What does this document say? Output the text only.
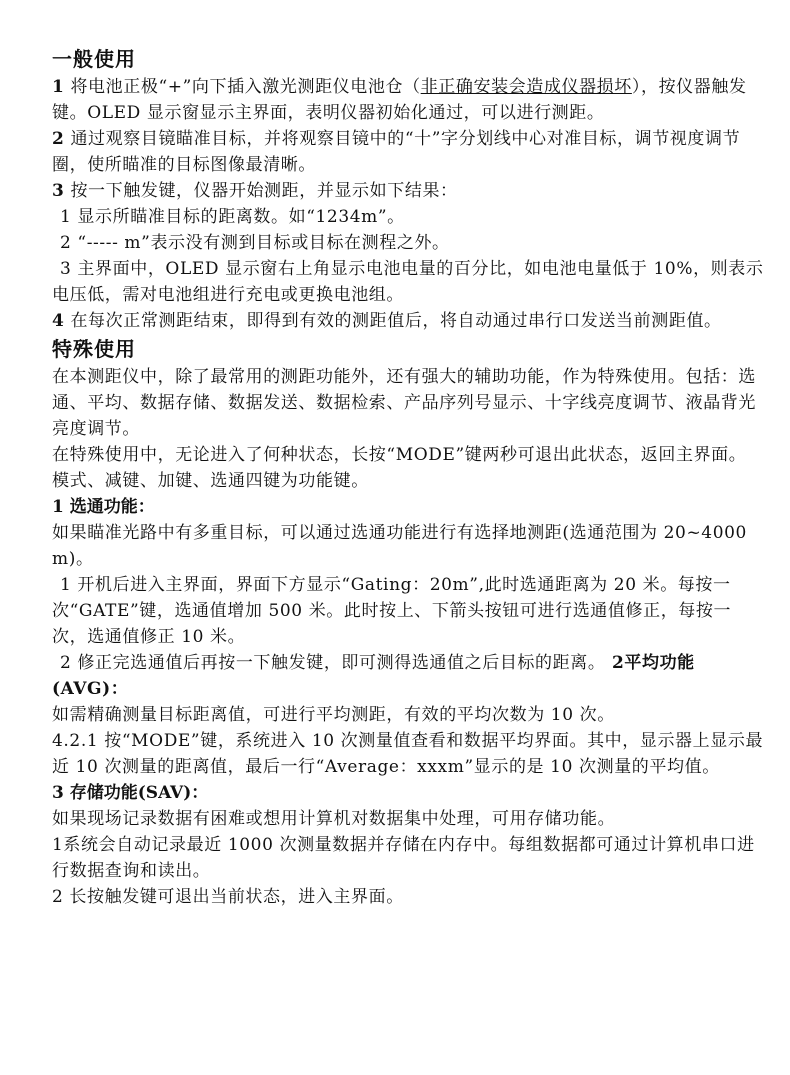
一般使用

1 将电池正极“+”向下插入激光测距仪电池仓（非正确安装会造成仪器损坏），按仪器触发键。OLED 显示窗显示主界面，表明仪器初始化通过，可以进行测距。

2 通过观察目镜瞄准目标，并将观察目镜中的“十”字分划线中心对准目标，调节视度调节圈，使所瞄准的目标图像最清晰。

3 按一下触发键，仪器开始测距，并显示如下结果：

1 显示所瞄准目标的距离数。如“1234m”。

2 “----- m”表示没有测到目标或目标在测程之外。

3 主界面中，OLED 显示窗右上角显示电池电量的百分比，如电池电量低于 10%，则表示电压低，需对电池组进行充电或更换电池组。

4 在每次正常测距结束，即得到有效的测距值后，将自动通过串行口发送当前测距值。

特殊使用

在本测距仪中，除了最常用的测距功能外，还有强大的辅助功能，作为特殊使用。包括：选通、平均、数据存储、数据发送、数据检索、产品序列号显示、十字线亮度调节、液晶背光亮度调节。

在特殊使用中，无论进入了何种状态，长按“MODE”键两秒可退出此状态，返回主界面。

模式、减键、加键、选通四键为功能键。

1 选通功能：

如果瞄准光路中有多重目标，可以通过选通功能进行有选择地测距(选通范围为 20~4000 m)。

1 开机后进入主界面，界面下方显示“Gating：20m”,此时选通距离为 20 米。每按一次“GATE”键，选通值增加 500 米。此时按上、下箭头按钮可进行选通值修正，每按一次，选通值修正 10 米。

2 修正完选通值后再按一下触发键，即可测得选通值之后目标的距离。 2平均功能(AVG)：

如需精确测量目标距离值，可进行平均测距，有效的平均次数为 10 次。

4.2.1 按“MODE”键，系统进入 10 次测量值查看和数据平均界面。其中，显示器上显示最近 10 次测量的距离值，最后一行“Average：xxxm”显示的是 10 次测量的平均值。

3 存储功能(SAV)：

如果现场记录数据有困难或想用计算机对数据集中处理，可用存储功能。

1系统会自动记录最近 1000 次测量数据并存储在内存中。每组数据都可通过计算机串口进行数据查询和读出。

2 长按触发键可退出当前状态，进入主界面。
